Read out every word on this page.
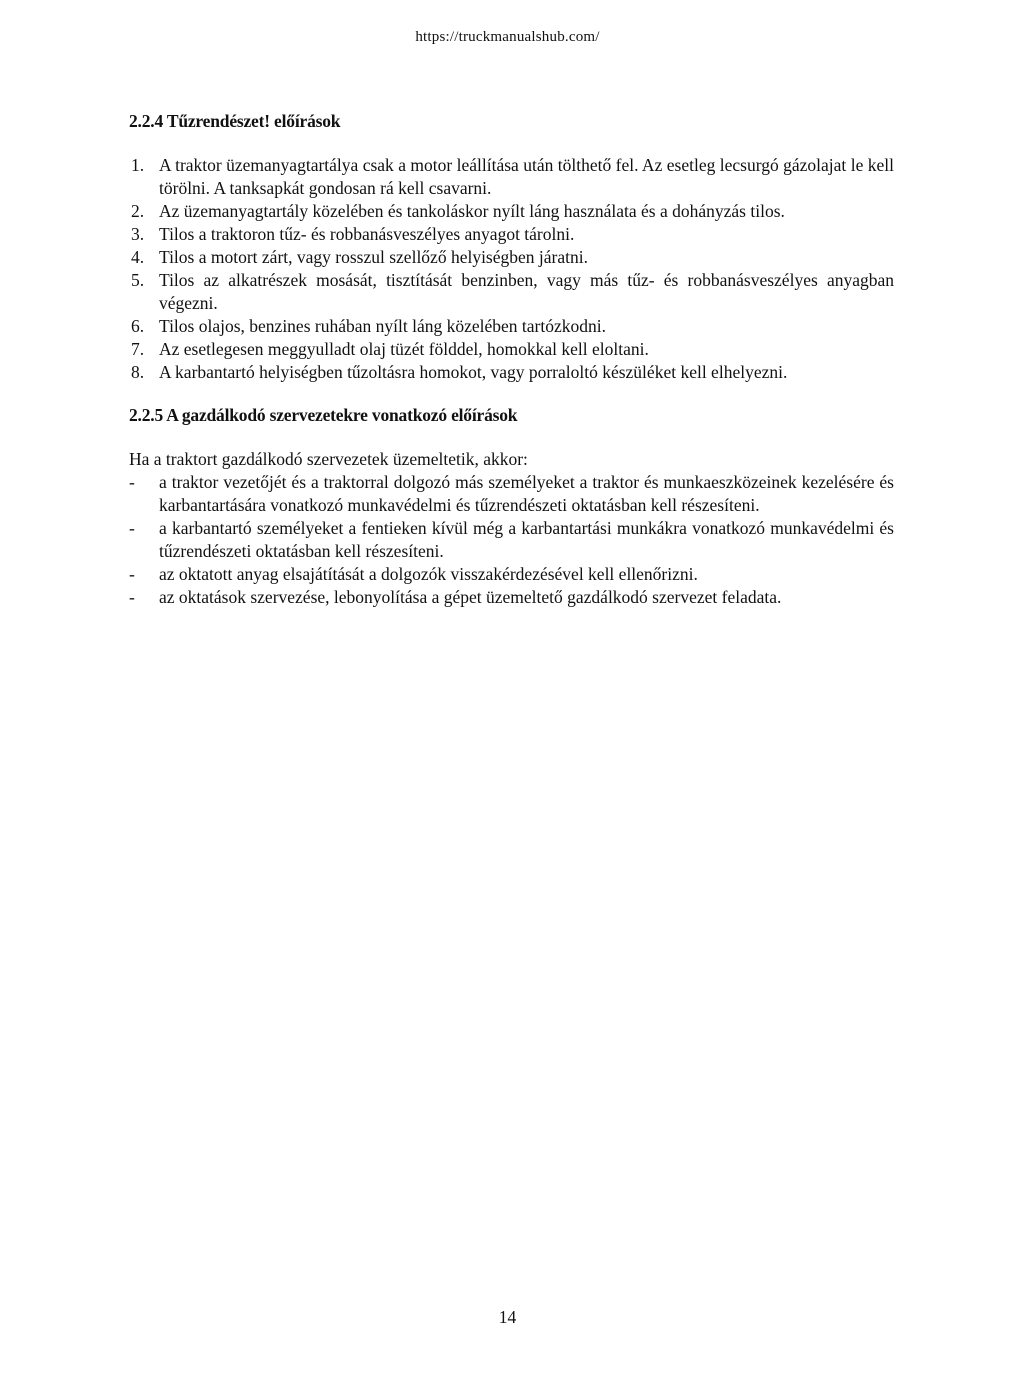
https://truckmanualshub.com/
2.2.4 Tűzrendészet! előírások
1. A traktor üzemanyagtartálya csak a motor leállítása után tölthető fel. Az esetleg lecsurgó gázolajat le kell törölni. A tanksapkát gondosan rá kell csavarni.
2. Az üzemanyagtartály közelében és tankoláskor nyílt láng használata és a dohányzás tilos.
3. Tilos a traktoron tűz- és robbanásveszélyes anyagot tárolni.
4. Tilos a motort zárt, vagy rosszul szellőző helyiségben járatni.
5. Tilos az alkatrészek mosását, tisztítását benzinben, vagy más tűz- és robbanásveszélyes anyagban végezni.
6. Tilos olajos, benzines ruhában nyílt láng közelében tartózkodni.
7. Az esetlegesen meggyulladt olaj tüzét földdel, homokkal kell eloltani.
8. A karbantartó helyiségben tűzoltásra homokot, vagy porraloltó készüléket kell elhelyezni.
2.2.5 A gazdálkodó szervezetekre vonatkozó előírások

Ha a traktort gazdálkodó szervezetek üzemeltetik, akkor:

- a traktor vezetőjét és a traktorral dolgozó más személyeket a traktor és munkaeszközeinek kezelésére és karbantartására vonatkozó munkavédelmi és tűzrendészeti oktatásban kell részesíteni.
- a karbantartó személyeket a fentieken kívül még a karbantartási munkákra vonatkozó munkavédelmi és tűzrendészeti oktatásban kell részesíteni.
- az oktatott anyag elsajátítását a dolgozók visszakérdezésével kell ellenőrizni.
- az oktatások szervezése, lebonyolítása a gépet üzemeltető gazdálkodó szervezet feladata.
14
